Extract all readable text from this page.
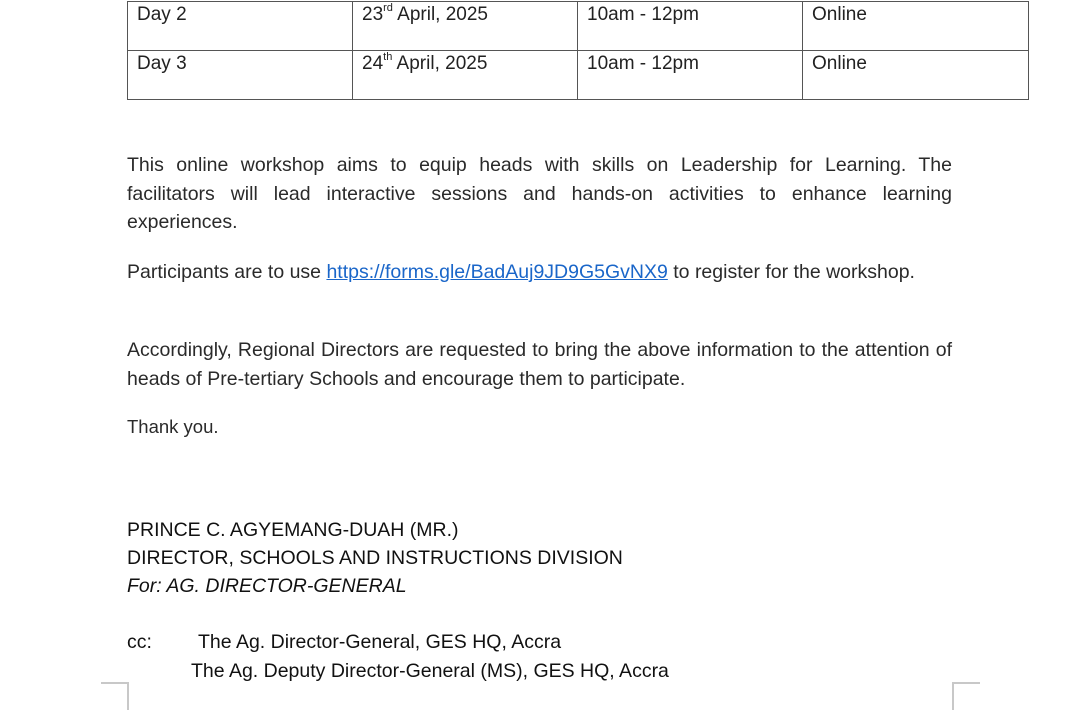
Day 2	23rd April, 2025	10am - 12pm	Online
Day 3	24th April, 2025	10am - 12pm	Online

This online workshop aims to equip heads with skills on Leadership for Learning. The facilitators will lead interactive sessions and hands-on activities to enhance learning experiences.

Participants are to use https://forms.gle/BadAuj9JD9G5GvNX9 to register for the workshop.

Accordingly, Regional Directors are requested to bring the above information to the attention of heads of Pre-tertiary Schools and encourage them to participate.

Thank you.

PRINCE C. AGYEMANG-DUAH (MR.)
DIRECTOR, SCHOOLS AND INSTRUCTIONS DIVISION
For: AG. DIRECTOR-GENERAL
cc: The Ag. Director-General, GES HQ, Accra
The Ag. Deputy Director-General (MS), GES HQ, Accra
